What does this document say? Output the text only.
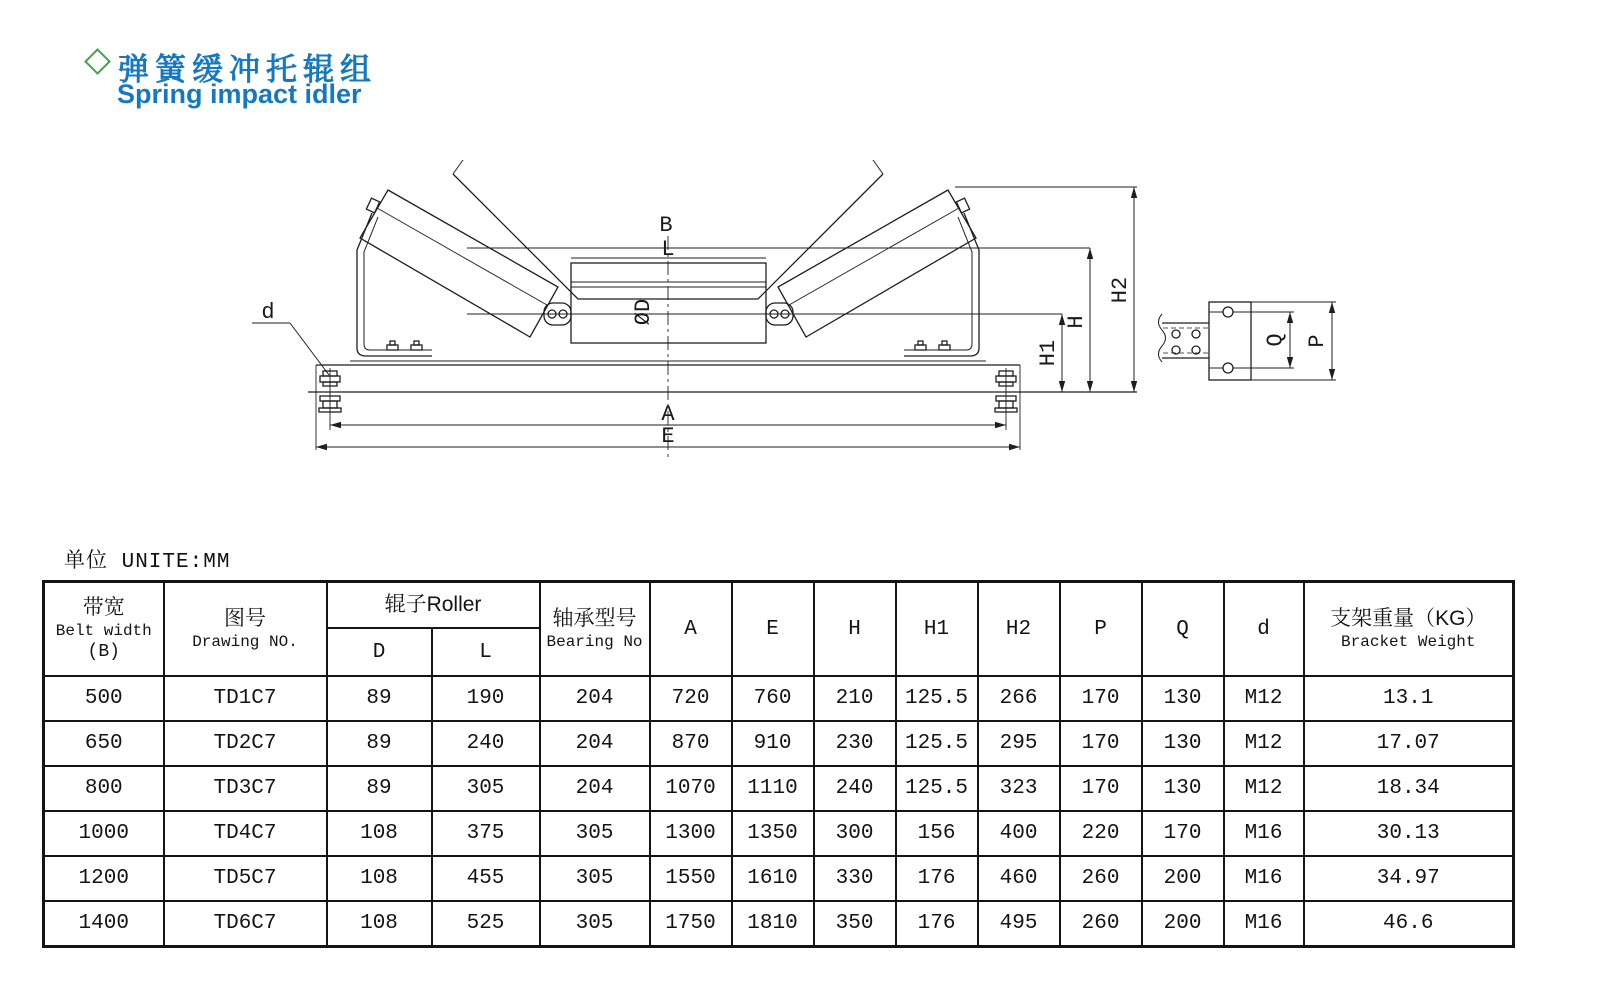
弹簧缓冲托辊组
Spring impact idler
B
L
ØD
A
E
H1
H
H2
d
Q P
单位 UNITE:MM
带宽
Belt width
(B)	图号
Drawing NO.	辊子Roller		轴承型号
Bearing No	A	E	H	H1	H2	P	Q	d	支架重量（KG）
Bracket Weight

		D	L										
500	TD1C7	89	190	204	720	760	210	125.5	266	170	130	M12	13.1
650	TD2C7	89	240	204	870	910	230	125.5	295	170	130	M12	17.07
800	TD3C7	89	305	204	1070	1110	240	125.5	323	170	130	M12	18.34
1000	TD4C7	108	375	305	1300	1350	300	156	400	220	170	M16	30.13
1200	TD5C7	108	455	305	1550	1610	330	176	460	260	200	M16	34.97
1400	TD6C7	108	525	305	1750	1810	350	176	495	260	200	M16	46.6
